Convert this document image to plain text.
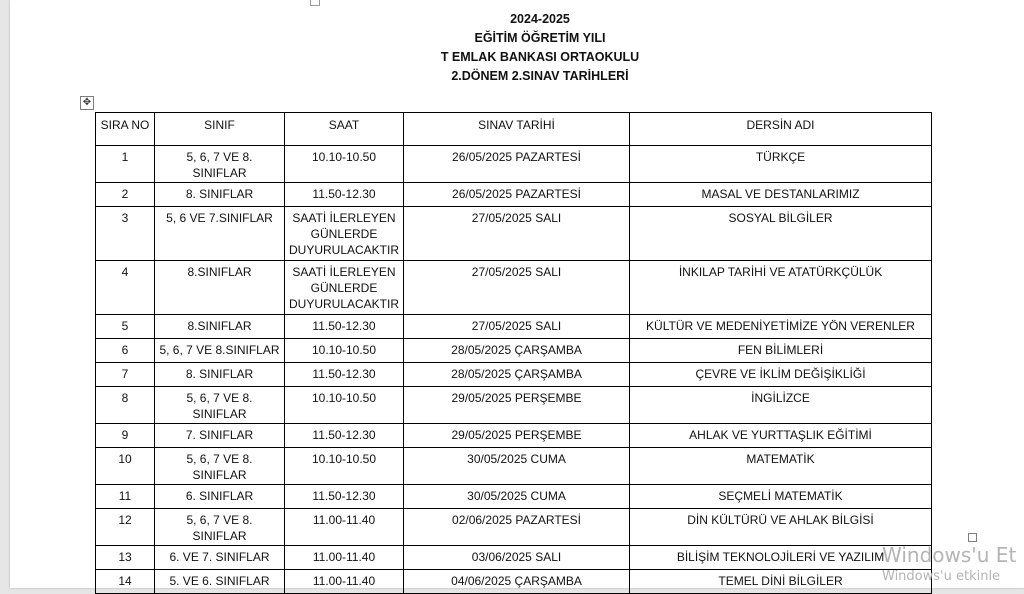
2024-2025
EĞİTİM ÖĞRETİM YILI
T EMLAK BANKASI ORTAOKULU
2.DÖNEM 2.SINAV TARİHLERİ
✥
SIRA NO	SINIF	SAAT	SINAV TARİHİ	DERSİN ADI
1	5, 6, 7 VE 8. SINIFLAR	10.10-10.50	26/05/2025 PAZARTESİ	TÜRKÇE
2	8. SINIFLAR	11.50-12.30	26/05/2025 PAZARTESİ	MASAL VE DESTANLARIMIZ
3	5, 6 VE 7.SINIFLAR	SAATİ İLERLEYEN GÜNLERDE DUYURULACAKTIR	27/05/2025 SALI	SOSYAL BİLGİLER
4	8.SINIFLAR	SAATİ İLERLEYEN GÜNLERDE DUYURULACAKTIR	27/05/2025 SALI	İNKILAP TARİHİ VE ATATÜRKÇÜLÜK
5	8.SINIFLAR	11.50-12.30	27/05/2025 SALI	KÜLTÜR VE MEDENİYETİMİZE YÖN VERENLER
6	5, 6, 7 VE 8.SINIFLAR	10.10-10.50	28/05/2025 ÇARŞAMBA	FEN BİLİMLERİ
7	8. SINIFLAR	11.50-12.30	28/05/2025 ÇARŞAMBA	ÇEVRE VE İKLİM DEĞİŞİKLİĞİ
8	5, 6, 7 VE 8. SINIFLAR	10.10-10.50	29/05/2025 PERŞEMBE	İNGİLİZCE
9	7. SINIFLAR	11.50-12.30	29/05/2025 PERŞEMBE	AHLAK VE YURTTAŞLIK EĞİTİMİ
10	5, 6, 7 VE 8. SINIFLAR	10.10-10.50	30/05/2025 CUMA	MATEMATİK
11	6. SINIFLAR	11.50-12.30	30/05/2025 CUMA	SEÇMELİ MATEMATİK
12	5, 6, 7 VE 8. SINIFLAR	11.00-11.40	02/06/2025 PAZARTESİ	DİN KÜLTÜRÜ VE AHLAK BİLGİSİ
13	6. VE 7. SINIFLAR	11.00-11.40	03/06/2025 SALI	BİLİŞİM TEKNOLOJİLERİ VE YAZILIM
14	5. VE 6. SINIFLAR	11.00-11.40	04/06/2025 ÇARŞAMBA	TEMEL DİNİ BİLGİLER
Windows'u Et
Windows'u etkinle
